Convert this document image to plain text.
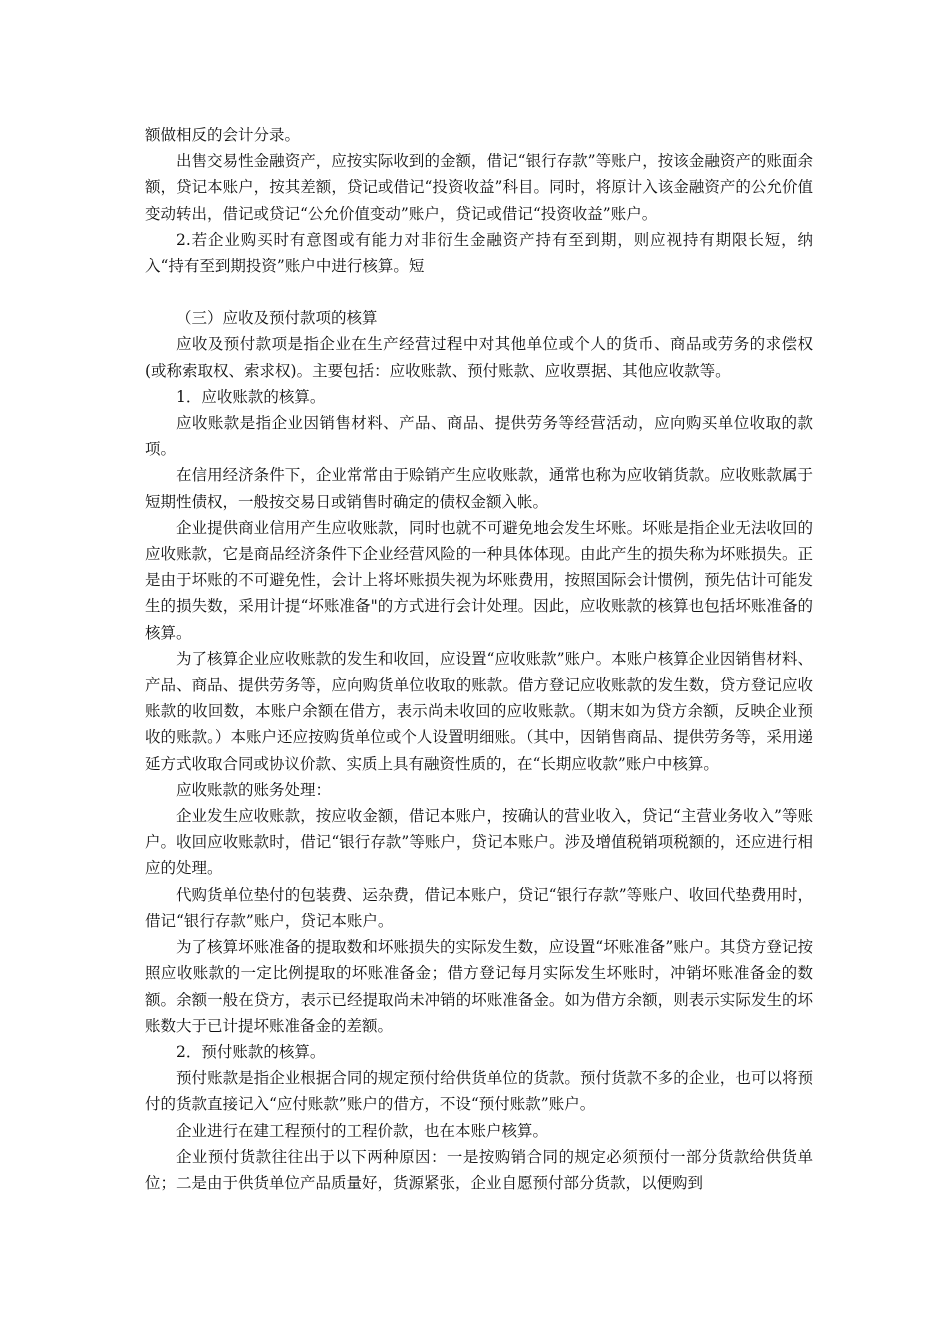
额做相反的会计分录。

出售交易性金融资产，应按实际收到的金额，借记“银行存款”等账户，按该金融资产的账面余额，贷记本账户，按其差额，贷记或借记“投资收益”科目。同时，将原计入该金融资产的公允价值变动转出，借记或贷记“公允价值变动”账户，贷记或借记“投资收益”账户。

2.若企业购买时有意图或有能力对非衍生金融资产持有至到期，则应视持有期限长短，纳入“持有至到期投资”账户中进行核算。短

（三）应收及预付款项的核算

应收及预付款项是指企业在生产经营过程中对其他单位或个人的货币、商品或劳务的求偿权(或称索取权、索求权)。主要包括：应收账款、预付账款、应收票据、其他应收款等。

1．应收账款的核算。

应收账款是指企业因销售材料、产品、商品、提供劳务等经营活动，应向购买单位收取的款项。

在信用经济条件下，企业常常由于赊销产生应收账款，通常也称为应收销货款。应收账款属于短期性债权，一般按交易日或销售时确定的债权金额入帐。

企业提供商业信用产生应收账款，同时也就不可避免地会发生坏账。坏账是指企业无法收回的应收账款，它是商品经济条件下企业经营风险的一种具体体现。由此产生的损失称为坏账损失。正是由于坏账的不可避免性，会计上将坏账损失视为坏账费用，按照国际会计惯例，预先估计可能发生的损失数，采用计提“坏账准备"的方式进行会计处理。因此，应收账款的核算也包括坏账准备的核算。

为了核算企业应收账款的发生和收回，应设置“应收账款”账户。本账户核算企业因销售材料、产品、商品、提供劳务等，应向购货单位收取的账款。借方登记应收账款的发生数，贷方登记应收账款的收回数，本账户余额在借方，表示尚未收回的应收账款。（期末如为贷方余额，反映企业预收的账款。）本账户还应按购货单位或个人设置明细账。（其中，因销售商品、提供劳务等，采用递延方式收取合同或协议价款、实质上具有融资性质的，在“长期应收款”账户中核算。

应收账款的账务处理：

企业发生应收账款，按应收金额，借记本账户，按确认的营业收入，贷记“主营业务收入”等账户。收回应收账款时，借记“银行存款”等账户，贷记本账户。涉及增值税销项税额的，还应进行相应的处理。

代购货单位垫付的包装费、运杂费，借记本账户，贷记“银行存款”等账户、收回代垫费用时，借记“银行存款”账户，贷记本账户。

为了核算坏账准备的提取数和坏账损失的实际发生数，应设置“坏账准备”账户。其贷方登记按照应收账款的一定比例提取的坏账准备金；借方登记每月实际发生坏账时，冲销坏账准备金的数额。余额一般在贷方，表示已经提取尚未冲销的坏账准备金。如为借方余额，则表示实际发生的坏账数大于已计提坏账准备金的差额。

2．预付账款的核算。

预付账款是指企业根据合同的规定预付给供货单位的货款。预付货款不多的企业，也可以将预付的货款直接记入“应付账款”账户的借方，不设“预付账款”账户。

企业进行在建工程预付的工程价款，也在本账户核算。

企业预付货款往往出于以下两种原因：一是按购销合同的规定必须预付一部分货款给供货单位；二是由于供货单位产品质量好，货源紧张，企业自愿预付部分货款，以便购到
